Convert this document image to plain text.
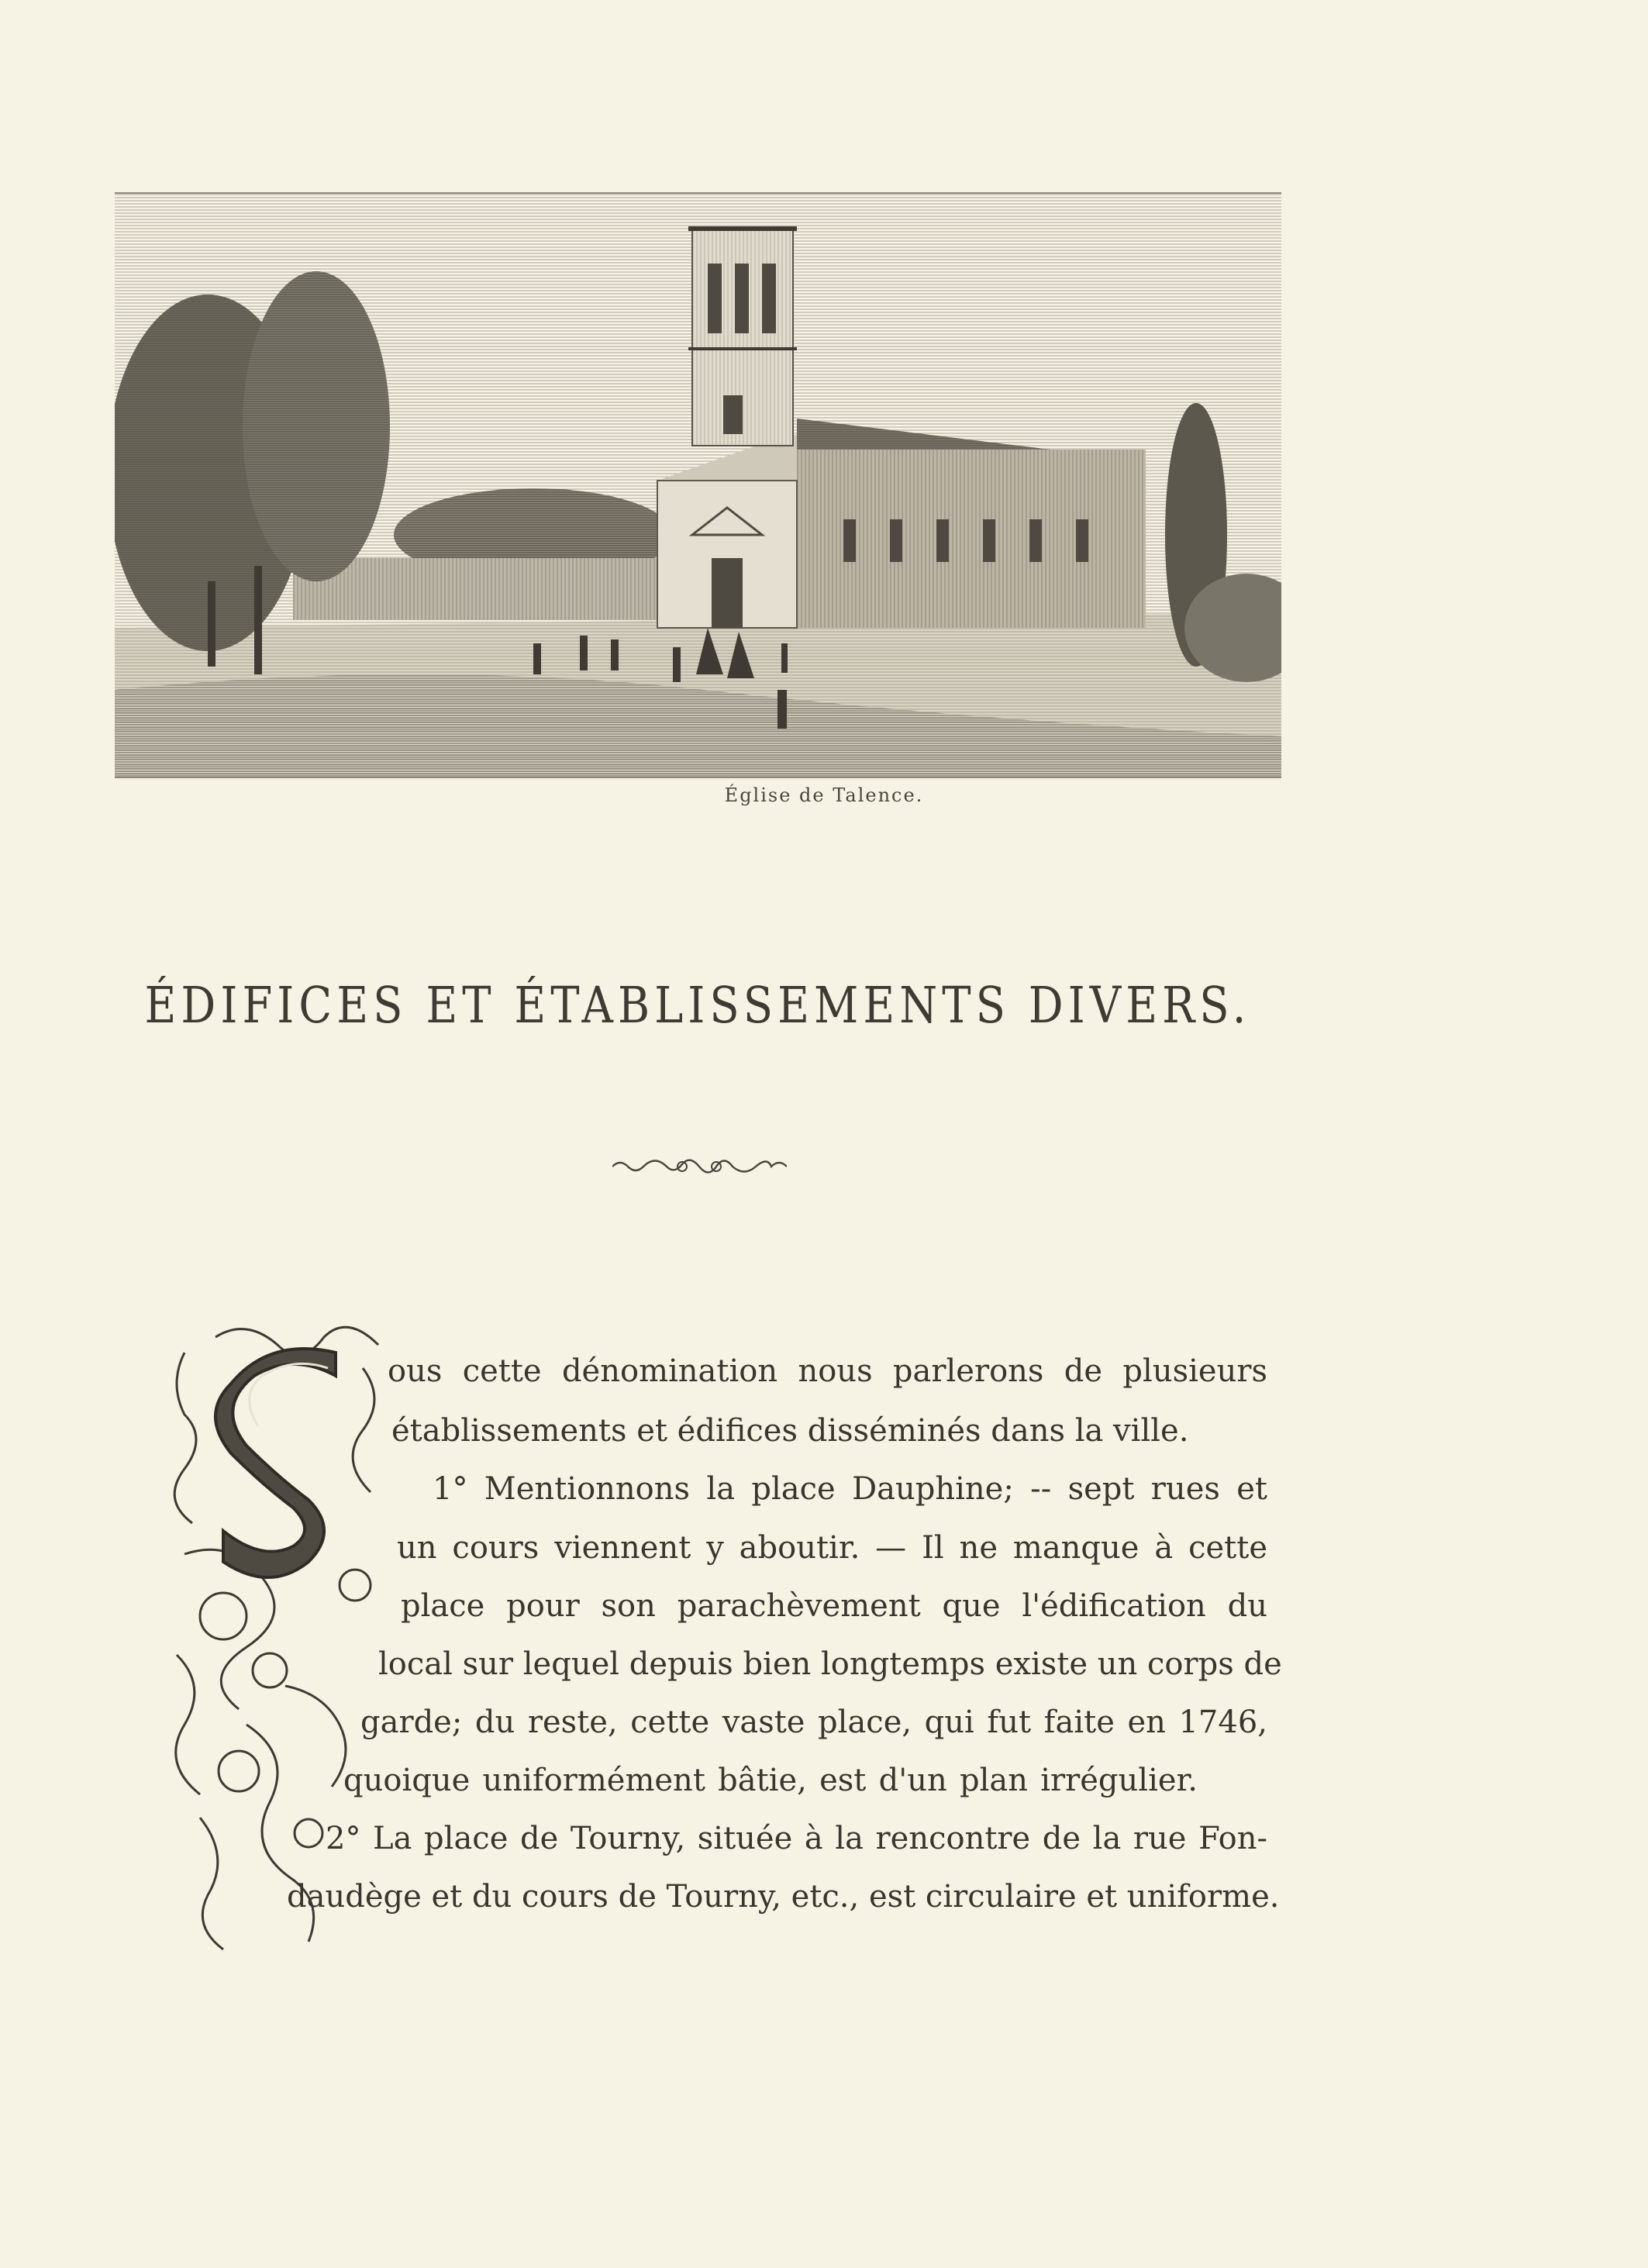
Église de Talence.
ÉDIFICES ET ÉTABLISSEMENTS DIVERS.
ous cette dénomination nous parlerons de plusieurs
établissements et édifices disséminés dans la ville.
1° Mentionnons la place Dauphine; -- sept rues et
un cours viennent y aboutir. — Il ne manque à cette
place pour son parachèvement que l'édification du
local sur lequel depuis bien longtemps existe un corps de
garde; du reste, cette vaste place, qui fut faite en 1746,
quoique uniformément bâtie, est d'un plan irrégulier.
2° La place de Tourny, située à la rencontre de la rue Fon-
daudège et du cours de Tourny, etc., est circulaire et uniforme.
